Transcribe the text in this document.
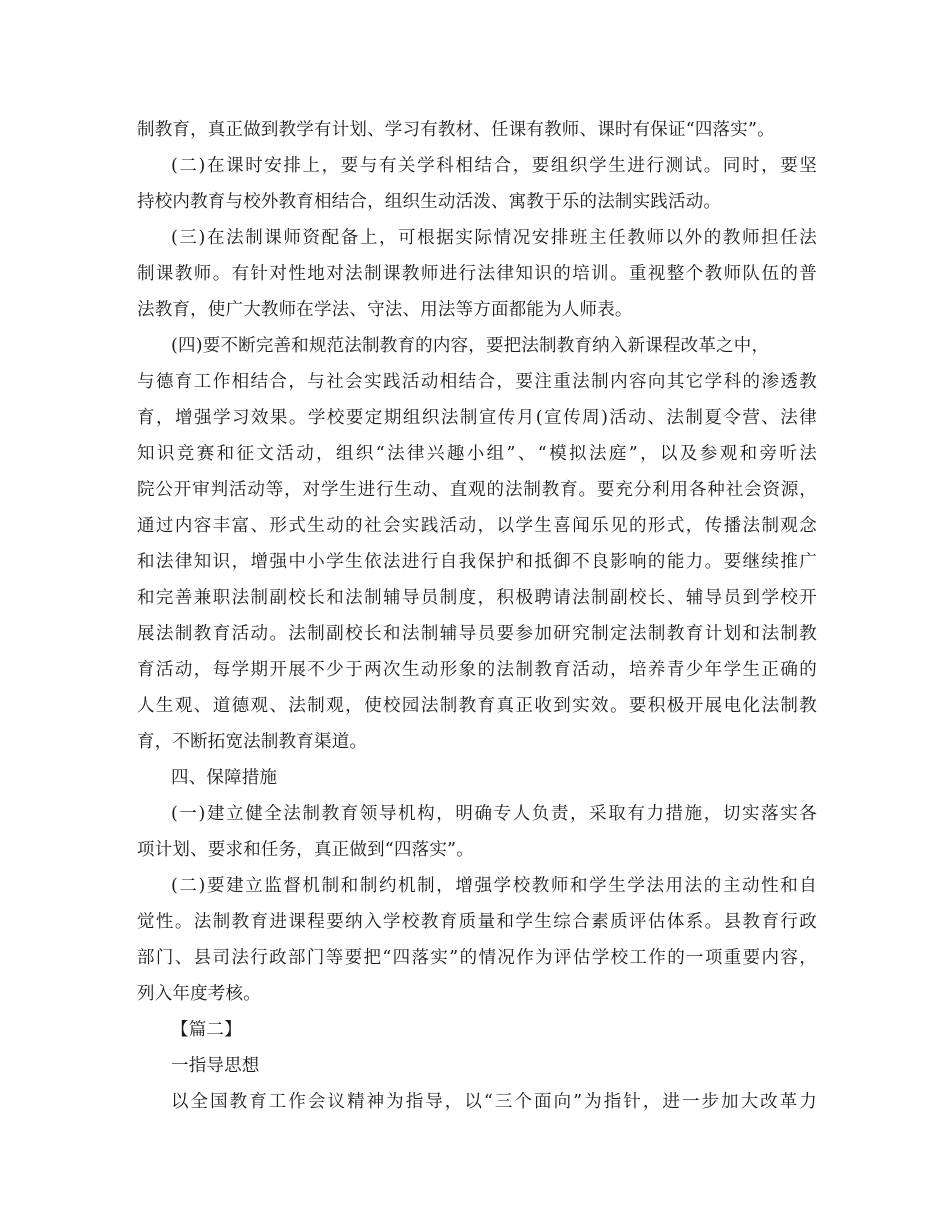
制教育，真正做到教学有计划、学习有教材、任课有教师、课时有保证“四落实”。
(二)在课时安排上，要与有关学科相结合，要组织学生进行测试。同时，要坚
持校内教育与校外教育相结合，组织生动活泼、寓教于乐的法制实践活动。
(三)在法制课师资配备上，可根据实际情况安排班主任教师以外的教师担任法
制课教师。有针对性地对法制课教师进行法律知识的培训。重视整个教师队伍的普
法教育，使广大教师在学法、守法、用法等方面都能为人师表。
(四)要不断完善和规范法制教育的内容，要把法制教育纳入新课程改革之中，
与德育工作相结合，与社会实践活动相结合，要注重法制内容向其它学科的渗透教
育，增强学习效果。学校要定期组织法制宣传月(宣传周)活动、法制夏令营、法律
知识竞赛和征文活动，组织“法律兴趣小组”、“模拟法庭”，以及参观和旁听法
院公开审判活动等，对学生进行生动、直观的法制教育。要充分利用各种社会资源，
通过内容丰富、形式生动的社会实践活动，以学生喜闻乐见的形式，传播法制观念
和法律知识，增强中小学生依法进行自我保护和抵御不良影响的能力。要继续推广
和完善兼职法制副校长和法制辅导员制度，积极聘请法制副校长、辅导员到学校开
展法制教育活动。法制副校长和法制辅导员要参加研究制定法制教育计划和法制教
育活动，每学期开展不少于两次生动形象的法制教育活动，培养青少年学生正确的
人生观、道德观、法制观，使校园法制教育真正收到实效。要积极开展电化法制教
育，不断拓宽法制教育渠道。
四、保障措施
(一)建立健全法制教育领导机构，明确专人负责，采取有力措施，切实落实各
项计划、要求和任务，真正做到“四落实”。
(二)要建立监督机制和制约机制，增强学校教师和学生学法用法的主动性和自
觉性。法制教育进课程要纳入学校教育质量和学生综合素质评估体系。县教育行政
部门、县司法行政部门等要把“四落实”的情况作为评估学校工作的一项重要内容，
列入年度考核。
【篇二】
一指导思想
以全国教育工作会议精神为指导，以“三个面向”为指针，进一步加大改革力
